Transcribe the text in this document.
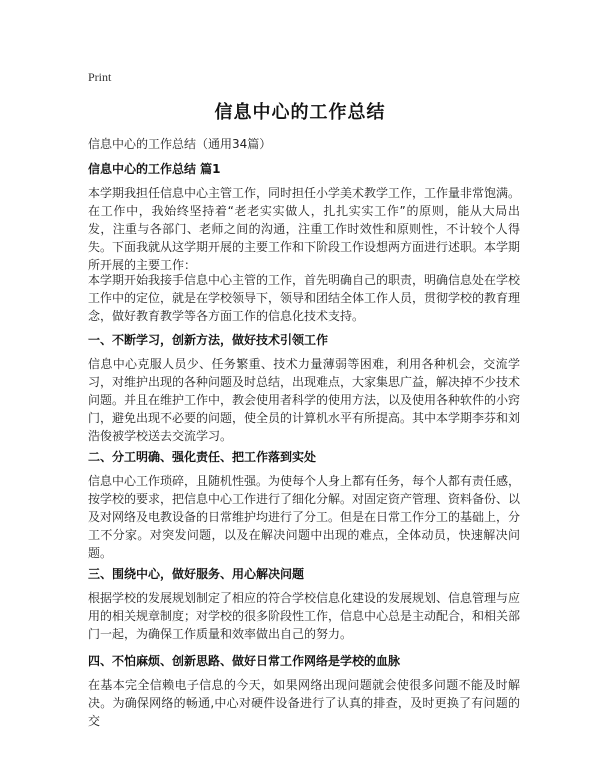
Print
信息中心的工作总结
信息中心的工作总结（通用34篇）
信息中心的工作总结 篇1
本学期我担任信息中心主管工作，同时担任小学美术教学工作，工作量非常饱满。在工作中，我始终坚持着“老老实实做人，扎扎实实工作”的原则，能从大局出发，注重与各部门、老师之间的沟通，注重工作时效性和原则性，不计较个人得失。下面我就从这学期开展的主要工作和下阶段工作设想两方面进行述职。本学期所开展的主要工作：
本学期开始我接手信息中心主管的工作，首先明确自己的职责，明确信息处在学校工作中的定位，就是在学校领导下，领导和团结全体工作人员，贯彻学校的教育理念，做好教育教学等各方面工作的信息化技术支持。
一、不断学习，创新方法，做好技术引领工作
信息中心克服人员少、任务繁重、技术力量薄弱等困难，利用各种机会，交流学习，对维护出现的各种问题及时总结，出现难点，大家集思广益，解决掉不少技术问题。并且在维护工作中，教会使用者科学的使用方法，以及使用各种软件的小窍门，避免出现不必要的问题，使全员的计算机水平有所提高。其中本学期李芬和刘浩俊被学校送去交流学习。
二、分工明确、强化责任、把工作落到实处
信息中心工作琐碎，且随机性强。为使每个人身上都有任务，每个人都有责任感，按学校的要求，把信息中心工作进行了细化分解。对固定资产管理、资料备份、以及对网络及电教设备的日常维护均进行了分工。但是在日常工作分工的基础上，分工不分家。对突发问题，以及在解决问题中出现的难点，全体动员，快速解决问题。
三、围绕中心，做好服务、用心解决问题
根据学校的发展规划制定了相应的符合学校信息化建设的发展规划、信息管理与应用的相关规章制度；对学校的很多阶段性工作，信息中心总是主动配合，和相关部门一起，为确保工作质量和效率做出自己的努力。
四、不怕麻烦、创新思路、做好日常工作网络是学校的血脉
在基本完全信赖电子信息的今天，如果网络出现问题就会使很多问题不能及时解决。为确保网络的畅通,中心对硬件设备进行了认真的排查，及时更换了有问题的交
